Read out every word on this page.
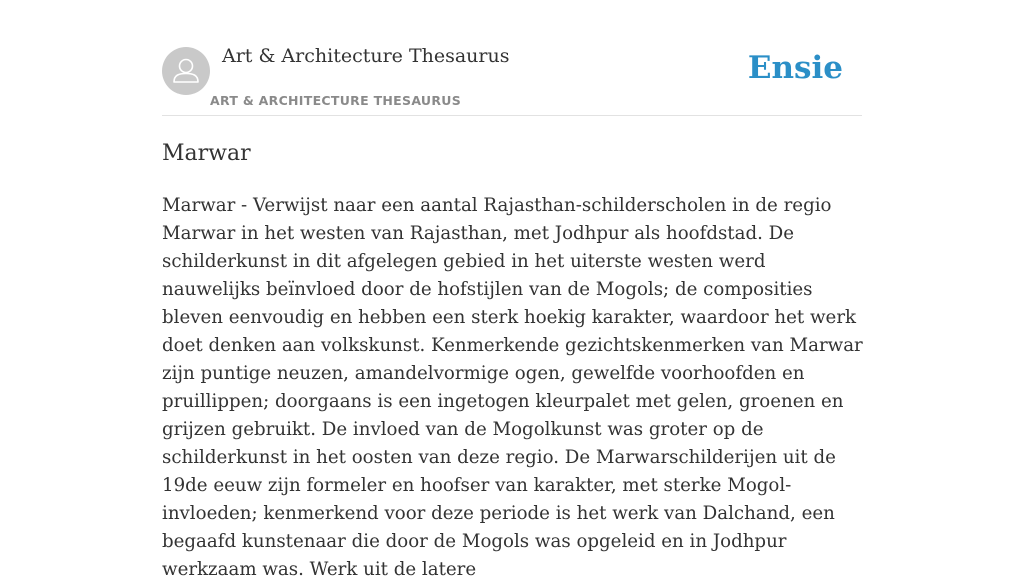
Art & Architecture Thesaurus
ART & ARCHITECTURE THESAURUS
Ensie
Marwar

Marwar - Verwijst naar een aantal Rajasthan-schilderscholen in de regio Marwar in het westen van Rajasthan, met Jodhpur als hoofdstad. De schilderkunst in dit afgelegen gebied in het uiterste westen werd nauwelijks beïnvloed door de hofstijlen van de Mogols; de composities bleven eenvoudig en hebben een sterk hoekig karakter, waardoor het werk doet denken aan volkskunst. Kenmerkende gezichtskenmerken van Marwar zijn puntige neuzen, amandelvormige ogen, gewelfde voorhoofden en pruillippen; doorgaans is een ingetogen kleurpalet met gelen, groenen en grijzen gebruikt. De invloed van de Mogolkunst was groter op de schilderkunst in het oosten van deze regio. De Marwarschilderijen uit de 19de eeuw zijn formeler en hoofser van karakter, met sterke Mogol-invloeden; kenmerkend voor deze periode is het werk van Dalchand, een begaafd kunstenaar die door de Mogols was opgeleid en in Jodhpur werkzaam was. Werk uit de latere
